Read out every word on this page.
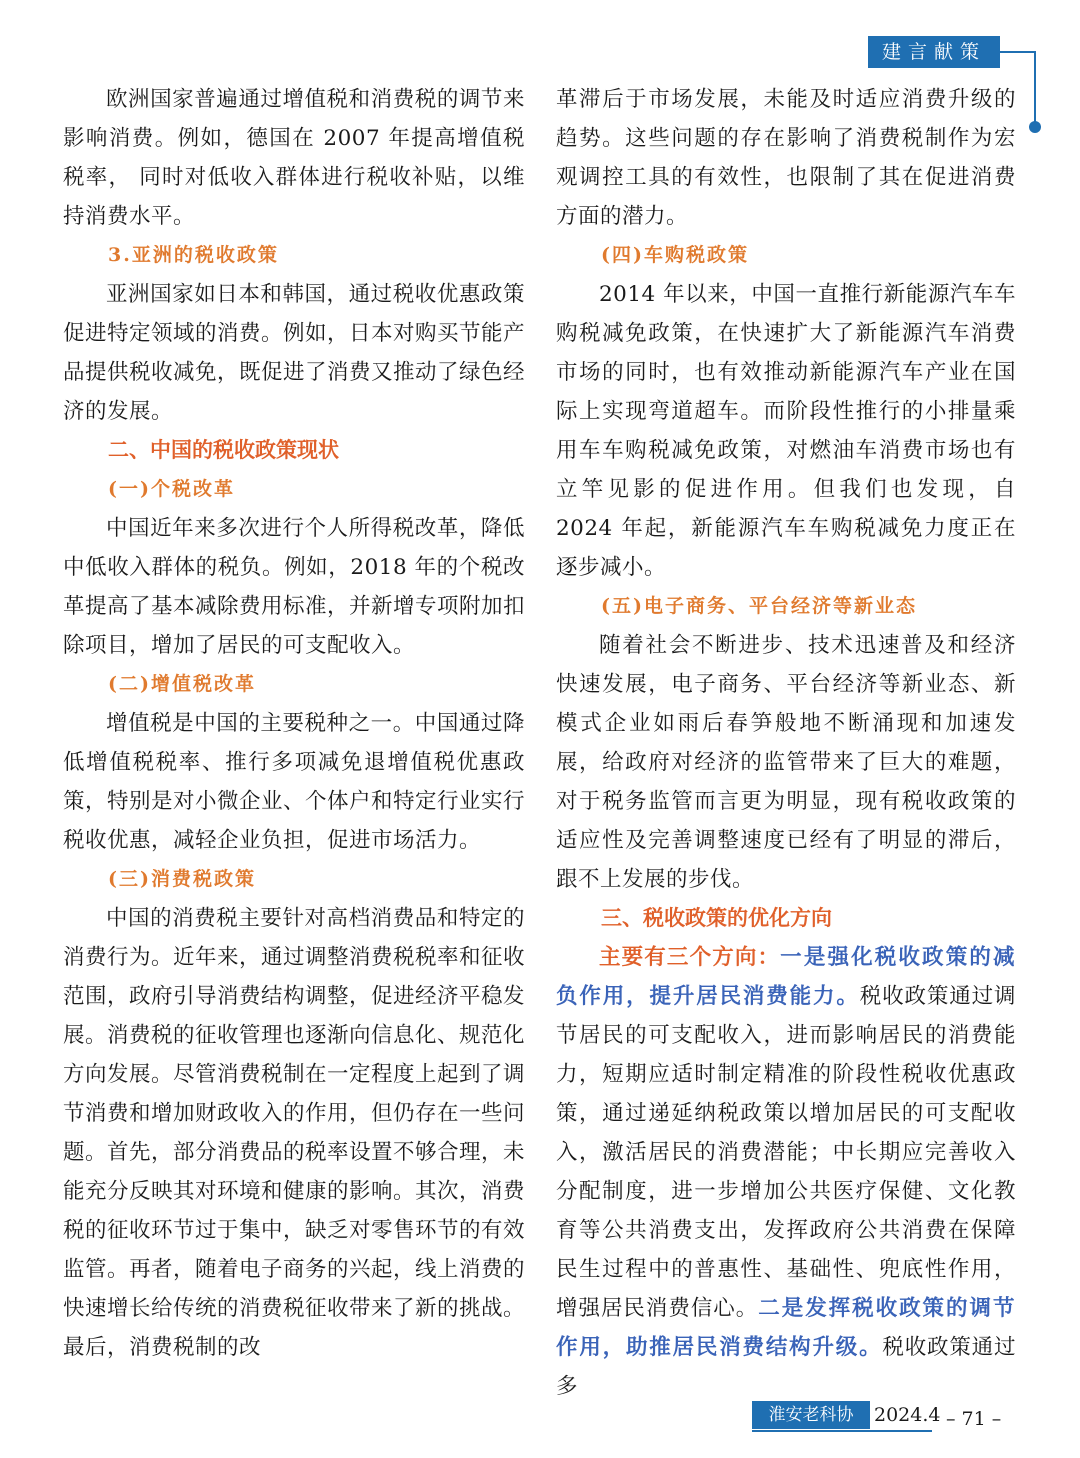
建言献策

欧洲国家普遍通过增值税和消费税的调节来影响消费。例如，德国在 2007 年提高增值税税率， 同时对低收入群体进行税收补贴，以维持消费水平。

3.亚洲的税收政策

亚洲国家如日本和韩国，通过税收优惠政策促进特定领域的消费。例如，日本对购买节能产品提供税收减免，既促进了消费又推动了绿色经济的发展。

二、中国的税收政策现状

(一)个税改革

中国近年来多次进行个人所得税改革，降低中低收入群体的税负。例如，2018 年的个税改革提高了基本减除费用标准，并新增专项附加扣除项目，增加了居民的可支配收入。

(二)增值税改革

增值税是中国的主要税种之一。中国通过降低增值税税率、推行多项减免退增值税优惠政策，特别是对小微企业、个体户和特定行业实行税收优惠，减轻企业负担，促进市场活力。

(三)消费税政策

中国的消费税主要针对高档消费品和特定的消费行为。近年来，通过调整消费税税率和征收范围，政府引导消费结构调整，促进经济平稳发展。消费税的征收管理也逐渐向信息化、规范化方向发展。尽管消费税制在一定程度上起到了调节消费和增加财政收入的作用，但仍存在一些问题。首先，部分消费品的税率设置不够合理，未能充分反映其对环境和健康的影响。其次，消费税的征收环节过于集中，缺乏对零售环节的有效监管。再者，随着电子商务的兴起，线上消费的快速增长给传统的消费税征收带来了新的挑战。最后，消费税制的改

革滞后于市场发展，未能及时适应消费升级的趋势。这些问题的存在影响了消费税制作为宏观调控工具的有效性，也限制了其在促进消费方面的潜力。

(四)车购税政策

2014 年以来，中国一直推行新能源汽车车购税减免政策，在快速扩大了新能源汽车消费市场的同时，也有效推动新能源汽车产业在国际上实现弯道超车。而阶段性推行的小排量乘用车车购税减免政策，对燃油车消费市场也有立竿见影的促进作用。但我们也发现，自 2024 年起，新能源汽车车购税减免力度正在逐步减小。

(五)电子商务、平台经济等新业态

随着社会不断进步、技术迅速普及和经济快速发展，电子商务、平台经济等新业态、新模式企业如雨后春笋般地不断涌现和加速发展，给政府对经济的监管带来了巨大的难题，对于税务监管而言更为明显，现有税收政策的适应性及完善调整速度已经有了明显的滞后，跟不上发展的步伐。

三、税收政策的优化方向

主要有三个方向：一是强化税收政策的减负作用，提升居民消费能力。税收政策通过调节居民的可支配收入，进而影响居民的消费能力，短期应适时制定精准的阶段性税收优惠政策，通过递延纳税政策以增加居民的可支配收入，激活居民的消费潜能；中长期应完善收入分配制度，进一步增加公共医疗保健、文化教育等公共消费支出，发挥政府公共消费在保障民生过程中的普惠性、基础性、兜底性作用，增强居民消费信心。二是发挥税收政策的调节作用，助推居民消费结构升级。税收政策通过多

淮安老科协	2024.4 – 71 –
